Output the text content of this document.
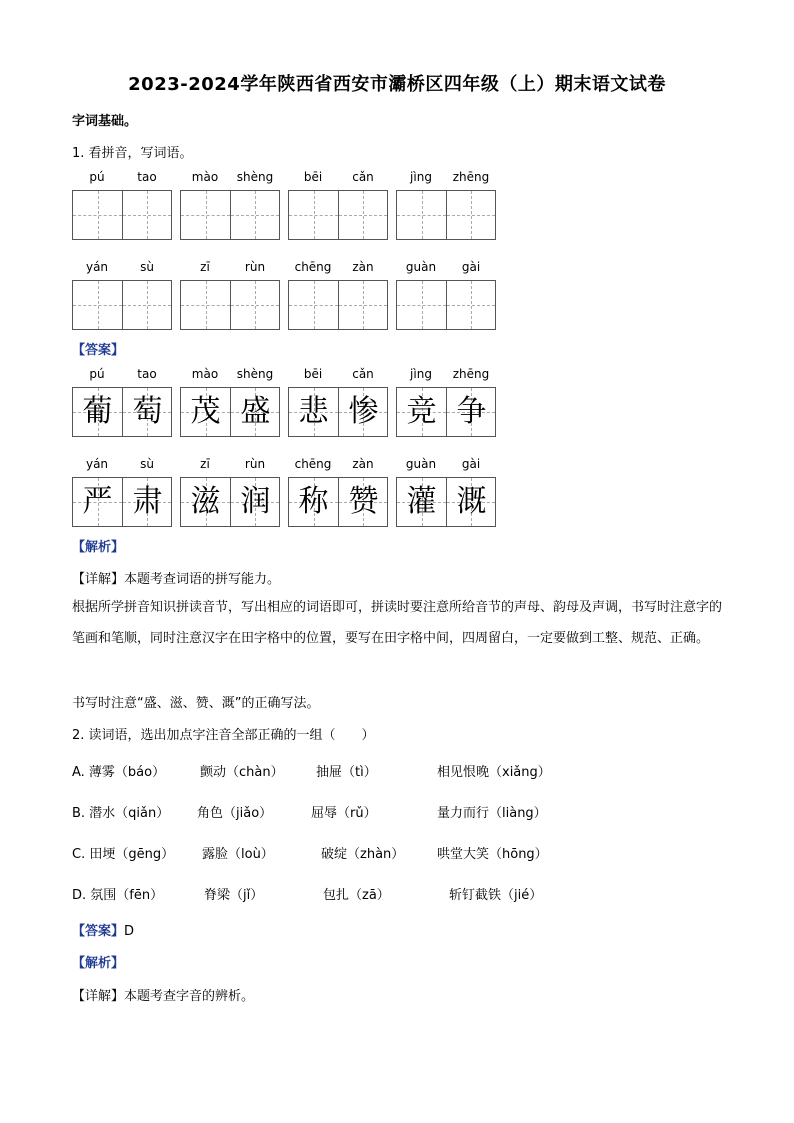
2023-2024学年陕西省西安市灞桥区四年级（上）期末语文试卷
字词基础。
1. 看拼音，写词语。
pú	tao	mào	shèng	bēi	cǎn	jìng	zhēng
yán	sù	zī	rùn	chēng	zàn	guàn	gài
【答案】
pú	tao
葡 萄
mào	shèng
茂 盛
bēi	cǎn
悲 惨
jìng	zhēng
竞 争
yán	sù
严 肃
zī	rùn
滋 润
chēng	zàn
称 赞
guàn	gài
灌 溉
【解析】
【详解】本题考查词语的拼写能力。
根据所学拼音知识拼读音节，写出相应的词语即可，拼读时要注意所给音节的声母、韵母及声调，书写时注意字的笔画和笔顺，同时注意汉字在田字格中的位置，要写在田字格中间，四周留白，一定要做到工整、规范、正确。
书写时注意“盛、滋、赞、溉”的正确写法。
2. 读词语，选出加点字注音全部正确的一组（　　）
A. 薄雾（báo）	颤动（chàn） 抽屉（tì）	相见恨晚（xiǎng）
B. 潜水（qiǎn） 角色（jiǎo）	屈辱（rǔ）	量力而行（liàng）
C. 田埂（gēng） 露脸（loù）	破绽（zhàn）	哄堂大笑（hōng）
D. 氛围（fēn）	脊梁（jǐ）	包扎（zā）	斩钉截铁（jié）
【答案】D
【解析】
【详解】本题考查字音的辨析。
